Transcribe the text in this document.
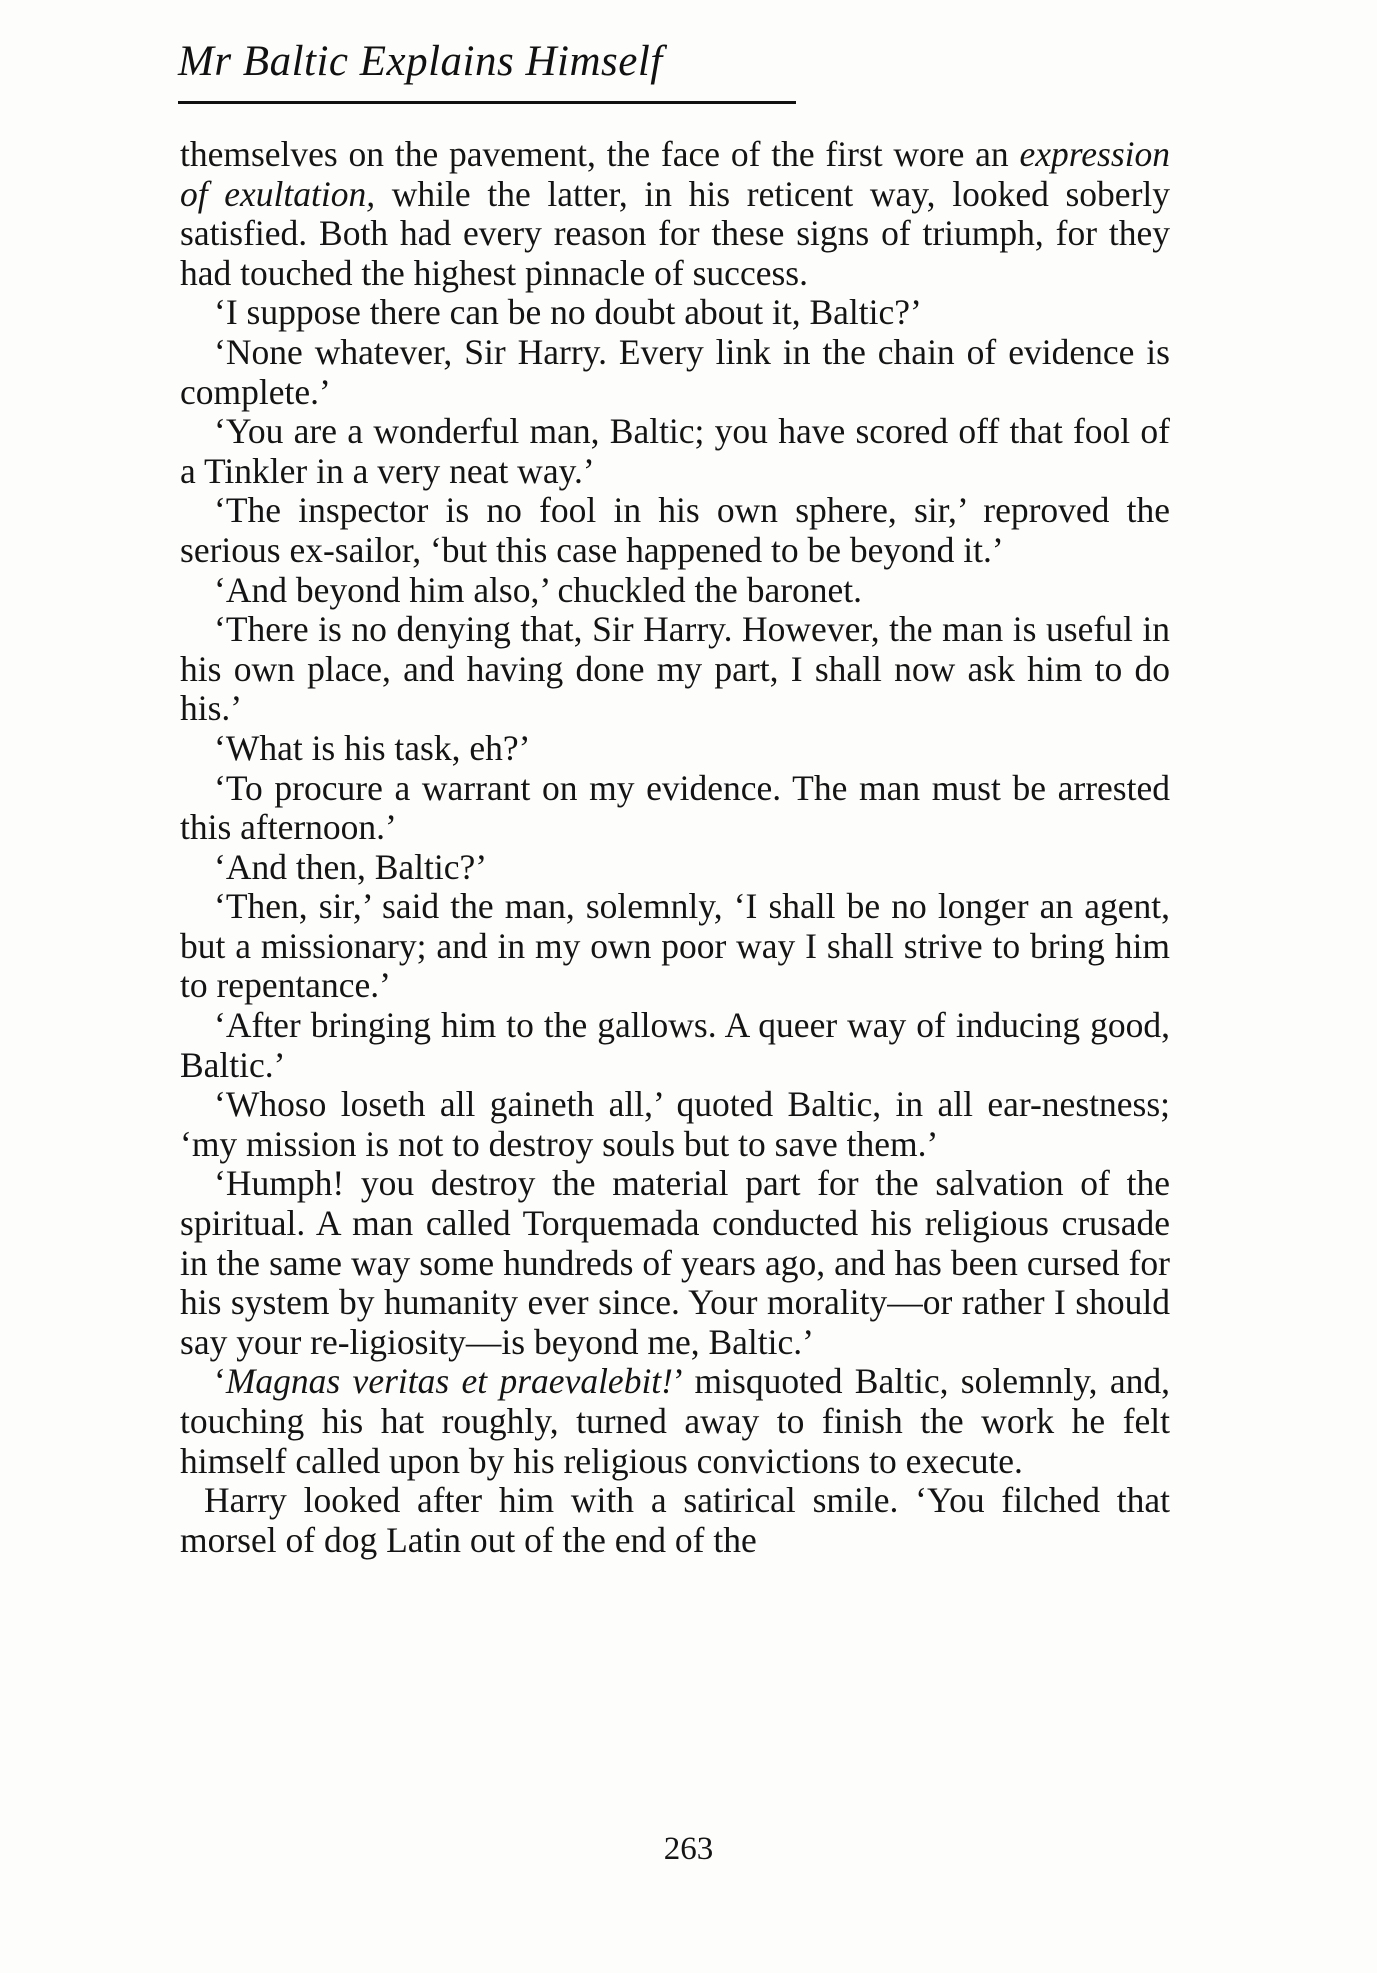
Mr Baltic Explains Himself

themselves on the pavement, the face of the first wore an expression of exultation, while the latter, in his reticent way, looked soberly satisfied. Both had every reason for these signs of triumph, for they had touched the highest pinnacle of success.

‘I suppose there can be no doubt about it, Baltic?’

‘None whatever, Sir Harry. Every link in the chain of evidence is complete.’

‘You are a wonderful man, Baltic; you have scored off that fool of a Tinkler in a very neat way.’

‘The inspector is no fool in his own sphere, sir,’ reproved the serious ex-sailor, ‘but this case happened to be beyond it.’

‘And beyond him also,’ chuckled the baronet.

‘There is no denying that, Sir Harry. However, the man is useful in his own place, and having done my part, I shall now ask him to do his.’

‘What is his task, eh?’

‘To procure a warrant on my evidence. The man must be arrested this afternoon.’

‘And then, Baltic?’

‘Then, sir,’ said the man, solemnly, ‘I shall be no longer an agent, but a missionary; and in my own poor way I shall strive to bring him to repentance.’

‘After bringing him to the gallows. A queer way of inducing good, Baltic.’

‘Whoso loseth all gaineth all,’ quoted Baltic, in all ear-nestness; ‘my mission is not to destroy souls but to save them.’

‘Humph! you destroy the material part for the salvation of the spiritual. A man called Torquemada conducted his religious crusade in the same way some hundreds of years ago, and has been cursed for his system by humanity ever since. Your morality—or rather I should say your re-ligiosity—is beyond me, Baltic.’

‘Magnas veritas et praevalebit!’ misquoted Baltic, solemnly, and, touching his hat roughly, turned away to finish the work he felt himself called upon by his religious convictions to execute.

Harry looked after him with a satirical smile. ‘You filched that morsel of dog Latin out of the end of the

263
